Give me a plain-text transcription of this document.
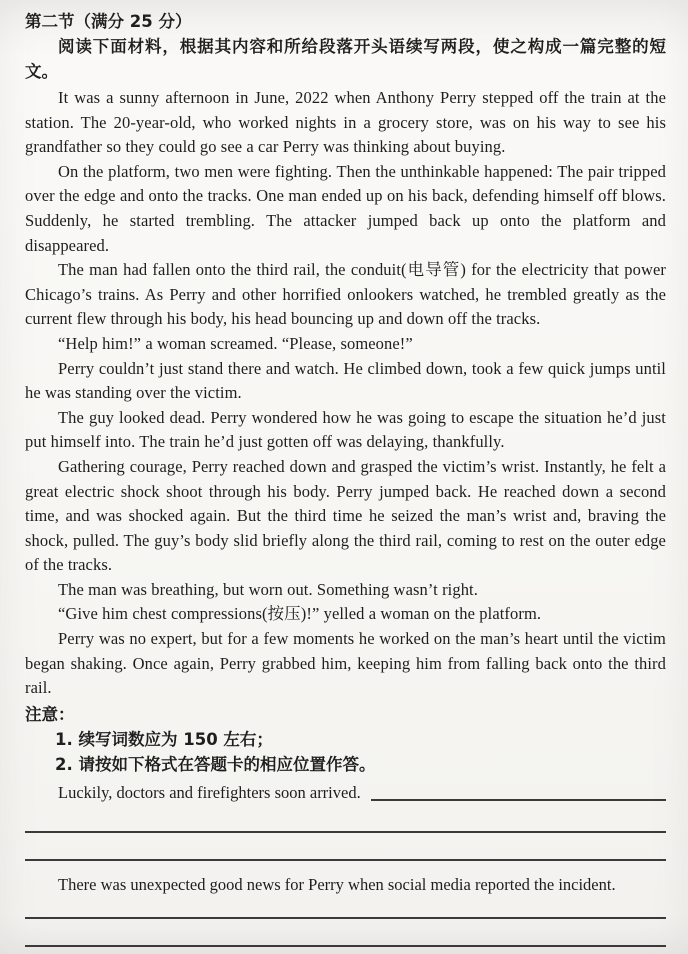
第二节（满分 25 分）

阅读下面材料，根据其内容和所给段落开头语续写两段，使之构成一篇完整的短文。

It was a sunny afternoon in June, 2022 when Anthony Perry stepped off the train at the station. The 20-year-old, who worked nights in a grocery store, was on his way to see his grandfather so they could go see a car Perry was thinking about buying.

On the platform, two men were fighting. Then the unthinkable happened: The pair tripped over the edge and onto the tracks. One man ended up on his back, defending himself off blows. Suddenly, he started trembling. The attacker jumped back up onto the platform and disappeared.

The man had fallen onto the third rail, the conduit(电导管) for the electricity that power Chicago’s trains. As Perry and other horrified onlookers watched, he trembled greatly as the current flew through his body, his head bouncing up and down off the tracks.

“Help him!” a woman screamed. “Please, someone!”

Perry couldn’t just stand there and watch. He climbed down, took a few quick jumps until he was standing over the victim.

The guy looked dead. Perry wondered how he was going to escape the situation he’d just put himself into. The train he’d just gotten off was delaying, thankfully.

Gathering courage, Perry reached down and grasped the victim’s wrist. Instantly, he felt a great electric shock shoot through his body. Perry jumped back. He reached down a second time, and was shocked again. But the third time he seized the man’s wrist and, braving the shock, pulled. The guy’s body slid briefly along the third rail, coming to rest on the outer edge of the tracks.

The man was breathing, but worn out. Something wasn’t right.

“Give him chest compressions(按压)!” yelled a woman on the platform.

Perry was no expert, but for a few moments he worked on the man’s heart until the victim began shaking. Once again, Perry grabbed him, keeping him from falling back onto the third rail.

注意：

1. 续写词数应为 150 左右；

2. 请按如下格式在答题卡的相应位置作答。

Luckily, doctors and firefighters soon arrived.

There was unexpected good news for Perry when social media reported the incident.
